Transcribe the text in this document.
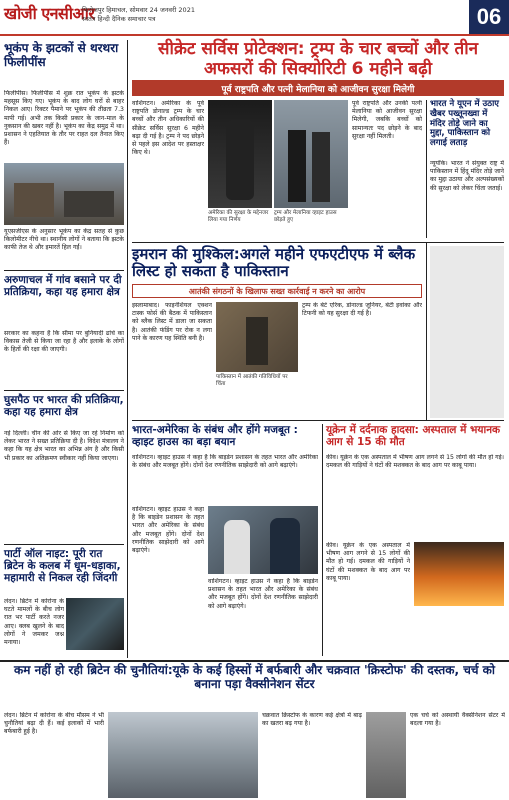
खोजी एनसीआर
फिरोजपुर हिमाचल, सोमवार 24 जनवरी 2021
स्वतंत्र हिन्दी दैनिक समाचार पत्र	06
भूकंप के झटकों से थरथरा फिलीपींस
फिलीपींस। फिलीपींस में शुक्र रात भूकंप के झटके महसूस किए गए। भूकंप के बाद लोग घरों से बाहर निकल आए। रिक्टर पैमाने पर भूकंप की तीव्रता 7.3 मापी गई। अभी तक किसी प्रकार के जान-माल के नुकसान की खबर नहीं है। भूकंप का केंद्र समुद्र में था। प्रशासन ने एहतियात के तौर पर राहत दल तैनात किए हैं।
यूएसजीएस के अनुसार भूकंप का केंद्र सतह से कुछ किलोमीटर नीचे था। स्थानीय लोगों ने बताया कि झटके काफी तेज थे और इमारतें हिल गईं।
अरुणाचल में गांव बसाने पर दी प्रतिक्रिया, कहा यह हमारा क्षेत्र
सरकार का कहना है कि सीमा पर बुनियादी ढांचे का विकास तेजी से किया जा रहा है और इलाके के लोगों के हितों की रक्षा की जाएगी।
घुसपैठ पर भारत की प्रतिक्रिया, कहा यह हमारा क्षेत्र
नई दिल्ली। चीन की ओर से किए जा रहे निर्माण को लेकर भारत ने सख्त प्रतिक्रिया दी है। विदेश मंत्रालय ने कहा कि यह क्षेत्र भारत का अभिन्न अंग है और किसी भी प्रकार का अतिक्रमण स्वीकार नहीं किया जाएगा।
पार्टी ऑल नाइट: पूरी रात ब्रिटेन के कलब में धूम-धड़ाका, महामारी से निकल रही जिंदगी
लंदन। ब्रिटेन में कोरोना के घटते मामलों के बीच लोग रात भर पार्टी करते नजर आए। क्लब खुलने के बाद लोगों ने जमकर जश्न मनाया।
सीक्रेट सर्विस प्रोटेक्शन: ट्रम्प के चार बच्चों और तीन अफसरों की सिक्योरिटी 6 महीने बढ़ी
पूर्व राष्ट्रपति और पत्नी मेलानिया को आजीवन सुरक्षा मिलेगी
वाशिंगटन। अमेरिका के पूर्व राष्ट्रपति डोनाल्ड ट्रम्प के चार बच्चों और तीन अधिकारियों की सीक्रेट सर्विस सुरक्षा 6 महीने बढ़ा दी गई है। ट्रम्प ने पद छोड़ने से पहले इस आदेश पर हस्ताक्षर किए थे।
अमेरिका की सुरक्षा के मद्देनजर लिया गया निर्णय
ट्रम्प और मेलानिया व्हाइट हाउस छोड़ते हुए
पूर्व राष्ट्रपति और उनकी पत्नी मेलानिया को आजीवन सुरक्षा मिलेगी, जबकि बच्चों को सामान्यतः पद छोड़ने के बाद सुरक्षा नहीं मिलती।
भारत ने यूएन में उठाए खैबर पख्तूनख्वा में मंदिर तोड़े जाने का मुद्दा, पाकिस्तान को लगाई लताड़
न्यूयॉर्क। भारत ने संयुक्त राष्ट्र में पाकिस्तान में हिंदू मंदिर तोड़े जाने का मुद्दा उठाया और अल्पसंख्यकों की सुरक्षा को लेकर चिंता जताई।
इमरान की मुश्किल:अगले महीने एफएटीएफ में ब्लैक लिस्ट हो सकता है पाकिस्तान
आतंकी संगठनों के खिलाफ सख्त कार्रवाई न करने का आरोप
इस्लामाबाद। फाइनेंशियल एक्शन टास्क फोर्स की बैठक में पाकिस्तान को ब्लैक लिस्ट में डाला जा सकता है। आतंकी फंडिंग पर रोक न लगा पाने के कारण यह स्थिति बनी है।
पाकिस्तान में आतंकी गतिविधियों पर चिंता
ट्रम्प के बेटे एरिक, डोनाल्ड जूनियर, बेटी इवांका और टिफनी को यह सुरक्षा दी गई है।
भारत-अमेरिका के संबंध और होंगे मजबूत : व्हाइट हाउस का बड़ा बयान
वाशिंगटन। व्हाइट हाउस ने कहा है कि बाइडेन प्रशासन के तहत भारत और अमेरिका के संबंध और मजबूत होंगे। दोनों देश रणनीतिक साझेदारी को आगे बढ़ाएंगे।
वाशिंगटन। व्हाइट हाउस ने कहा है कि बाइडेन प्रशासन के तहत भारत और अमेरिका के संबंध और मजबूत होंगे। दोनों देश रणनीतिक साझेदारी को आगे बढ़ाएंगे।
वाशिंगटन। व्हाइट हाउस ने कहा है कि बाइडेन प्रशासन के तहत भारत और अमेरिका के संबंध और मजबूत होंगे। दोनों देश रणनीतिक साझेदारी को आगे बढ़ाएंगे।
यूक्रेन में दर्दनाक हादसा: अस्पताल में भयानक आग से 15 की मौत
कीव। यूक्रेन के एक अस्पताल में भीषण आग लगने से 15 लोगों की मौत हो गई। दमकल की गाड़ियों ने घंटों की मशक्कत के बाद आग पर काबू पाया।
कीव। यूक्रेन के एक अस्पताल में भीषण आग लगने से 15 लोगों की मौत हो गई। दमकल की गाड़ियों ने घंटों की मशक्कत के बाद आग पर काबू पाया।
कम नहीं हो रही ब्रिटेन की चुनौतियां:यूके के कई हिस्सों में बर्फबारी और चक्रवात 'क्रिस्टोफ' की दस्तक, चर्च को बनाना पड़ा वैक्सीनेशन सेंटर
लंदन। ब्रिटेन में कोरोना के बीच मौसम ने भी चुनौतियां बढ़ा दी हैं। कई इलाकों में भारी बर्फबारी हुई है।
चक्रवात क्रिस्टोफ के कारण कई क्षेत्रों में बाढ़ का खतरा बढ़ गया है।
एक चर्च को अस्थायी वैक्सीनेशन सेंटर में बदला गया है।
